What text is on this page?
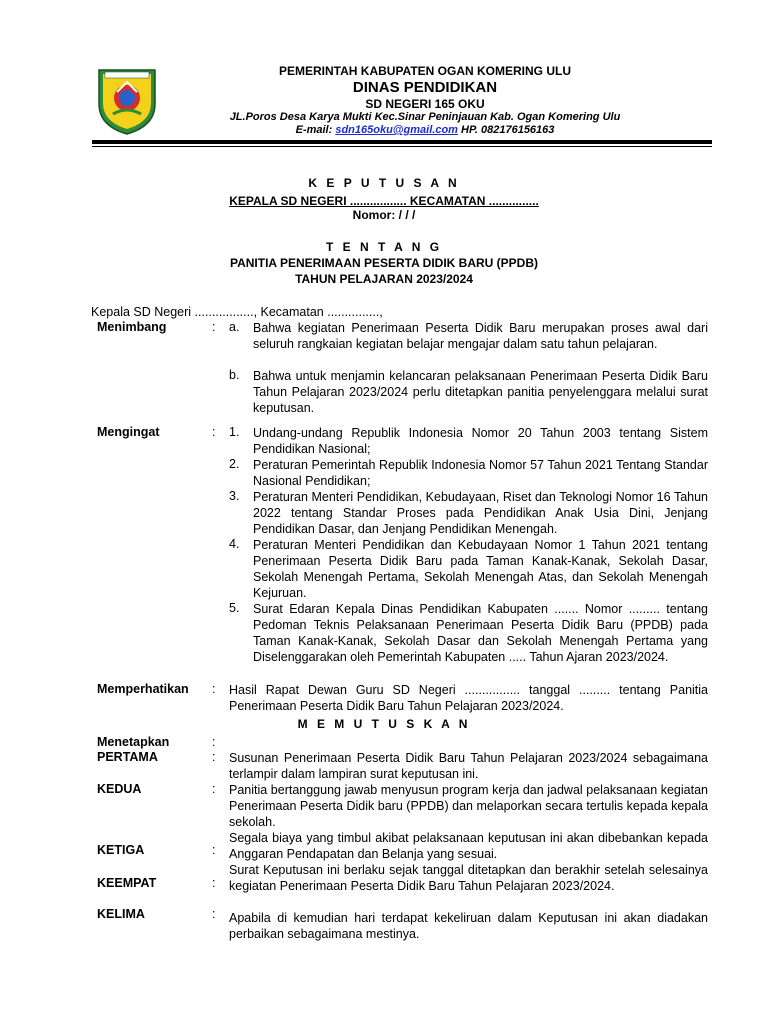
PEMERINTAH KABUPATEN OGAN KOMERING ULU
DINAS PENDIDIKAN
SD NEGERI 165 OKU
JL.Poros Desa Karya Mukti Kec.Sinar Peninjauan Kab. Ogan Komering Ulu
E-mail: sdn165oku@gmail.com HP. 082176156163
K E P U T U S A N
KEPALA SD NEGERI ................. KECAMATAN ...............
Nomor: / / /
T E N T A N G
PANITIA PENERIMAAN PESERTA DIDIK BARU (PPDB)
TAHUN PELAJARAN 2023/2024
Kepala SD Negeri ................., Kecamatan ...............,
Menimbang	: a. Bahwa kegiatan Penerimaan Peserta Didik Baru merupakan proses awal dari seluruh rangkaian kegiatan belajar mengajar dalam satu tahun pelajaran.
b. Bahwa untuk menjamin kelancaran pelaksanaan Penerimaan Peserta Didik Baru Tahun Pelajaran 2023/2024 perlu ditetapkan panitia penyelenggara melalui surat keputusan.
Mengingat	: 1. Undang-undang Republik Indonesia Nomor 20 Tahun 2003 tentang Sistem Pendidikan Nasional;
2. Peraturan Pemerintah Republik Indonesia Nomor 57 Tahun 2021 Tentang Standar Nasional Pendidikan;
3. Peraturan Menteri Pendidikan, Kebudayaan, Riset dan Teknologi Nomor 16 Tahun 2022 tentang Standar Proses pada Pendidikan Anak Usia Dini, Jenjang Pendidikan Dasar, dan Jenjang Pendidikan Menengah.
4. Peraturan Menteri Pendidikan dan Kebudayaan Nomor 1 Tahun 2021 tentang Penerimaan Peserta Didik Baru pada Taman Kanak-Kanak, Sekolah Dasar, Sekolah Menengah Pertama, Sekolah Menengah Atas, dan Sekolah Menengah Kejuruan.
5. Surat Edaran Kepala Dinas Pendidikan Kabupaten ....... Nomor ......... tentang Pedoman Teknis Pelaksanaan Penerimaan Peserta Didik Baru (PPDB) pada Taman Kanak-Kanak, Sekolah Dasar dan Sekolah Menengah Pertama yang Diselenggarakan oleh Pemerintah Kabupaten ..... Tahun Ajaran 2023/2024.
Memperhatikan : Hasil Rapat Dewan Guru SD Negeri ................ tanggal ......... tentang Panitia Penerimaan Peserta Didik Baru Tahun Pelajaran 2023/2024.
M E M U T U S K A N
Menetapkan	:
PERTAMA	: Susunan Penerimaan Peserta Didik Baru Tahun Pelajaran 2023/2024 sebagaimana terlampir dalam lampiran surat keputusan ini.
KEDUA	: Panitia bertanggung jawab menyusun program kerja dan jadwal pelaksanaan kegiatan Penerimaan Peserta Didik baru (PPDB) dan melaporkan secara tertulis kepada kepala sekolah.
KETIGA	:
Segala biaya yang timbul akibat pelaksanaan keputusan ini akan dibebankan kepada Anggaran Pendapatan dan Belanja yang sesuai.
KEEMPAT	:
Surat Keputusan ini berlaku sejak tanggal ditetapkan dan berakhir setelah selesainya kegiatan Penerimaan Peserta Didik Baru Tahun Pelajaran 2023/2024.
KELIMA	: Apabila di kemudian hari terdapat kekeliruan dalam Keputusan ini akan diadakan perbaikan sebagaimana mestinya.
